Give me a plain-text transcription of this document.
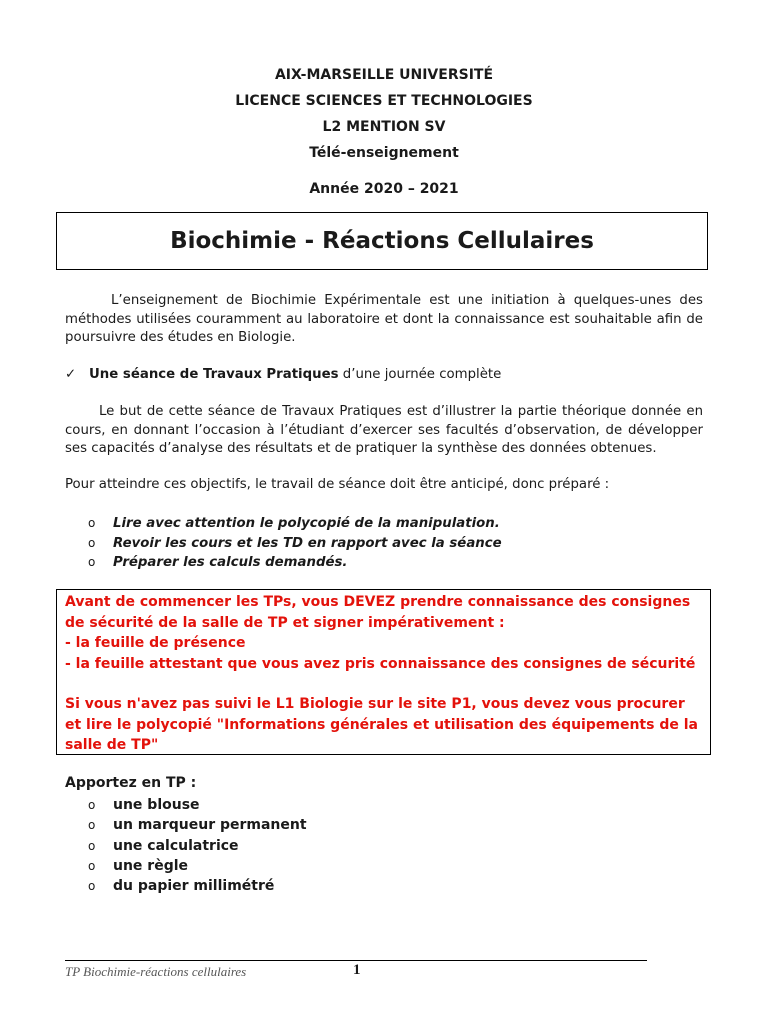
AIX-MARSEILLE UNIVERSITÉ
LICENCE SCIENCES ET TECHNOLOGIES
L2 MENTION SV
Télé-enseignement
Année 2020 – 2021
Biochimie - Réactions Cellulaires
L’enseignement de Biochimie Expérimentale est une initiation à quelques-unes des méthodes utilisées couramment au laboratoire et dont la connaissance est souhaitable afin de poursuivre des études en Biologie.
✓ Une séance de Travaux Pratiques d’une journée complète
Le but de cette séance de Travaux Pratiques est d’illustrer la partie théorique donnée en cours, en donnant l’occasion à l’étudiant d’exercer ses facultés d’observation, de développer ses capacités d’analyse des résultats et de pratiquer la synthèse des données obtenues.
Pour atteindre ces objectifs, le travail de séance doit être anticipé, donc préparé :
o	Lire avec attention le polycopié de la manipulation.
o	Revoir les cours et les TD en rapport avec la séance
o	Préparer les calculs demandés.

Avant de commencer les TPs, vous DEVEZ prendre connaissance des consignes de sécurité de la salle de TP et signer impérativement :

- la feuille de présence

- la feuille attestant que vous avez pris connaissance des consignes de sécurité

Si vous n'avez pas suivi le L1 Biologie sur le site P1, vous devez vous procurer et lire le polycopié "Informations générales et utilisation des équipements de la salle de TP"

Apportez en TP :
o	une blouse
o	un marqueur permanent
o	une calculatrice
o	une règle
o	du papier millimétré
TP Biochimie-réactions cellulaires	1
